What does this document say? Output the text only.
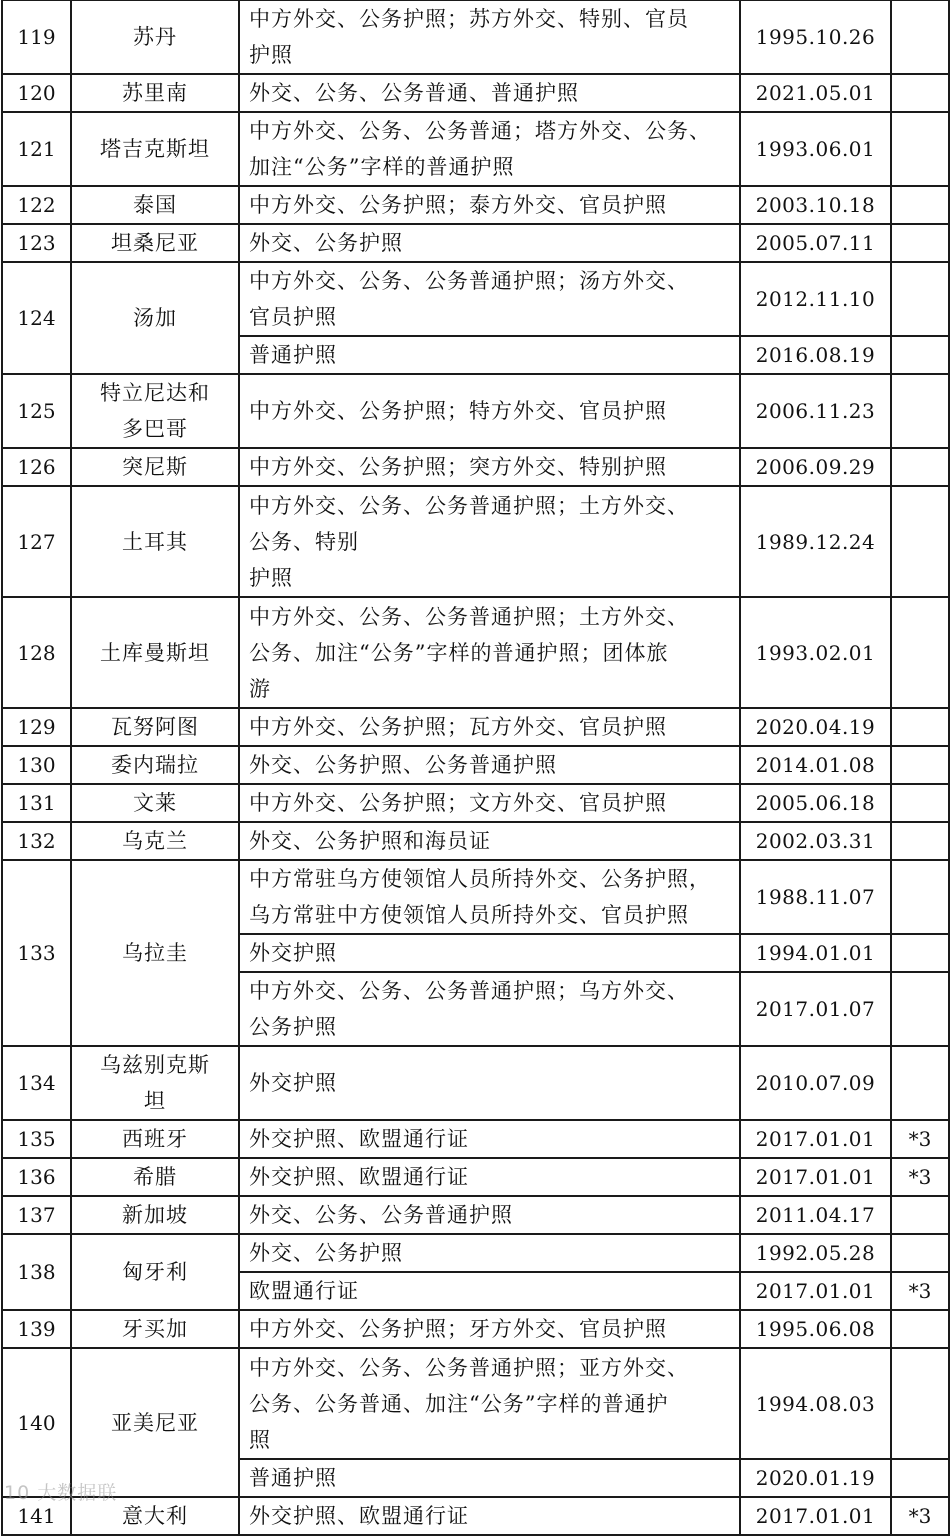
119	苏丹	中方外交、公务护照；苏方外交、特别、官员
护照	1995.10.26	
120	苏里南	外交、公务、公务普通、普通护照	2021.05.01	
121	塔吉克斯坦	中方外交、公务、公务普通；塔方外交、公务、
加注“公务”字样的普通护照	1993.06.01	
122	泰国	中方外交、公务护照；泰方外交、官员护照	2003.10.18	
123	坦桑尼亚	外交、公务护照	2005.07.11	
124	汤加	中方外交、公务、公务普通护照；汤方外交、
官员护照	2012.11.10	

		普通护照	2016.08.19	
125	特立尼达和
多巴哥	中方外交、公务护照；特方外交、官员护照	2006.11.23	
126	突尼斯	中方外交、公务护照；突方外交、特别护照	2006.09.29	
127	土耳其	中方外交、公务、公务普通护照；土方外交、
公务、特别
护照	1989.12.24	
128	土库曼斯坦	中方外交、公务、公务普通护照；土方外交、
公务、加注“公务”字样的普通护照；团体旅
游	1993.02.01	
129	瓦努阿图	中方外交、公务护照；瓦方外交、官员护照	2020.04.19	
130	委内瑞拉	外交、公务护照、公务普通护照	2014.01.08	
131	文莱	中方外交、公务护照；文方外交、官员护照	2005.06.18	
132	乌克兰	外交、公务护照和海员证	2002.03.31	
133	乌拉圭	中方常驻乌方使领馆人员所持外交、公务护照，
乌方常驻中方使领馆人员所持外交、官员护照	1988.11.07	

		外交护照	1994.01.01	

		中方外交、公务、公务普通护照；乌方外交、
公务护照	2017.01.07	
134	乌兹别克斯
坦	外交护照	2010.07.09	
135	西班牙	外交护照、欧盟通行证	2017.01.01	*3
136	希腊	外交护照、欧盟通行证	2017.01.01	*3
137	新加坡	外交、公务、公务普通护照	2011.04.17	
138	匈牙利	外交、公务护照	1992.05.28	

		欧盟通行证	2017.01.01	*3
139	牙买加	中方外交、公务护照；牙方外交、官员护照	1995.06.08	
140	亚美尼亚	中方外交、公务、公务普通护照；亚方外交、
公务、公务普通、加注“公务”字样的普通护
照	1994.08.03	

		普通护照	2020.01.19	
141	意大利	外交护照、欧盟通行证	2017.01.01	*3
10 大数据联
